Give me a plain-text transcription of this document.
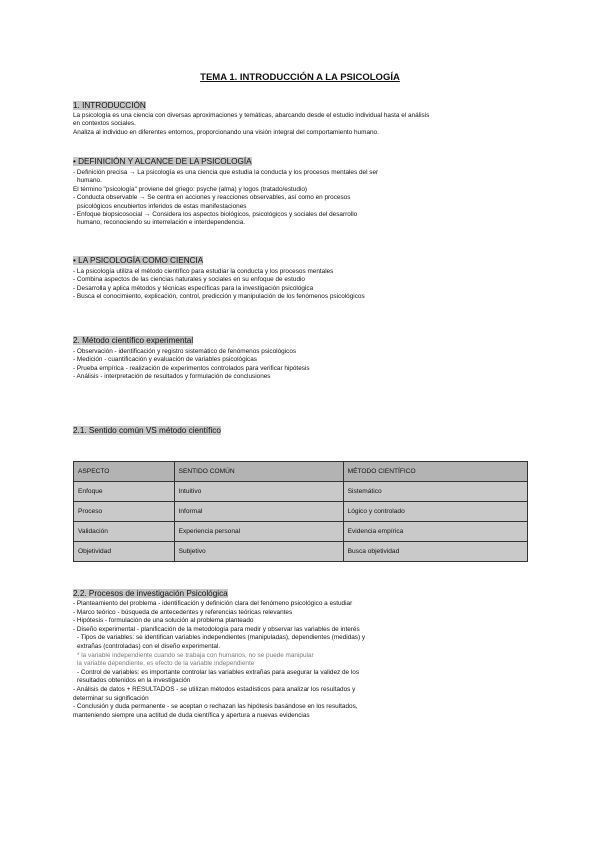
TEMA 1. INTRODUCCIÓN A LA PSICOLOGÍA
1. INTRODUCCIÓN
La psicología es una ciencia con diversas aproximaciones y temáticas, abarcando desde el estudio individual hasta el análisis
en contextos sociales.
Analiza al individuo en diferentes entornos, proporcionando una visión integral del comportamiento humano.
• DEFINICIÓN Y ALCANCE DE LA PSICOLOGÍA
- Definición precisa → La psicología es una ciencia que estudia la conducta y los procesos mentales del ser
humano.
El término "psicología" proviene del griego: psyche (alma) y logos (tratado/estudio)
- Conducta observable → Se centra en acciones y reacciones observables, así como en procesos
psicológicos encubiertos inferidos de estas manifestaciones
- Enfoque biopsicosocial → Considera los aspectos biológicos, psicológicos y sociales del desarrollo
humano, reconociendo su interrelación e interdependencia.
• LA PSICOLOGÍA COMO CIENCIA
- La psicología utiliza el método científico para estudiar la conducta y los procesos mentales
- Combina aspectos de las ciencias naturales y sociales en su enfoque de estudio
- Desarrolla y aplica métodos y técnicas específicas para la investigación psicológica
- Busca el conocimiento, explicación, control, predicción y manipulación de los fenómenos psicológicos
2. Método científico experimental
- Observación - identificación y registro sistemático de fenómenos psicológicos
- Medición - cuantificación y evaluación de variables psicológicas
- Prueba empírica - realización de experimentos controlados para verificar hipótesis
- Análisis - interpretación de resultados y formulación de conclusiones
2.1. Sentido común VS método científico
ASPECTO	SENTIDO COMÚN	MÉTODO CIENTÍFICO
Enfoque	Intuitivo	Sistemático
Proceso	Informal	Lógico y controlado
Validación	Experiencia personal	Evidencia empírica
Objetividad	Subjetivo	Busca objetividad
2.2. Procesos de investigación Psicológica
- Planteamiento del problema - identificación y definición clara del fenómeno psicológico a estudiar
- Marco teórico - búsqueda de antecedentes y referencias teóricas relevantes
- Hipótesis - formulación de una solución al problema planteado
- Diseño experimental - planificación de la metodología para medir y observar las variables de interés
- Tipos de variables: se identifican variables independientes (manipuladas), dependientes (medidas) y
extrañas (controladas) con el diseño experimental.
* la variable independiente cuando se trabaja con humanos, no se puede manipular
la variable dependiente, es efecto de la variable independiente
- Control de variables: es importante controlar las variables extrañas para asegurar la validez de los
resultados obtenidos en la investigación
- Análisis de datos + RESULTADOS - se utilizan métodos estadísticos para analizar los resultados y
determinar su significación
- Conclusión y duda permanente - se aceptan o rechazan las hipótesis basándose en los resultados,
manteniendo siempre una actitud de duda científica y apertura a nuevas evidencias
